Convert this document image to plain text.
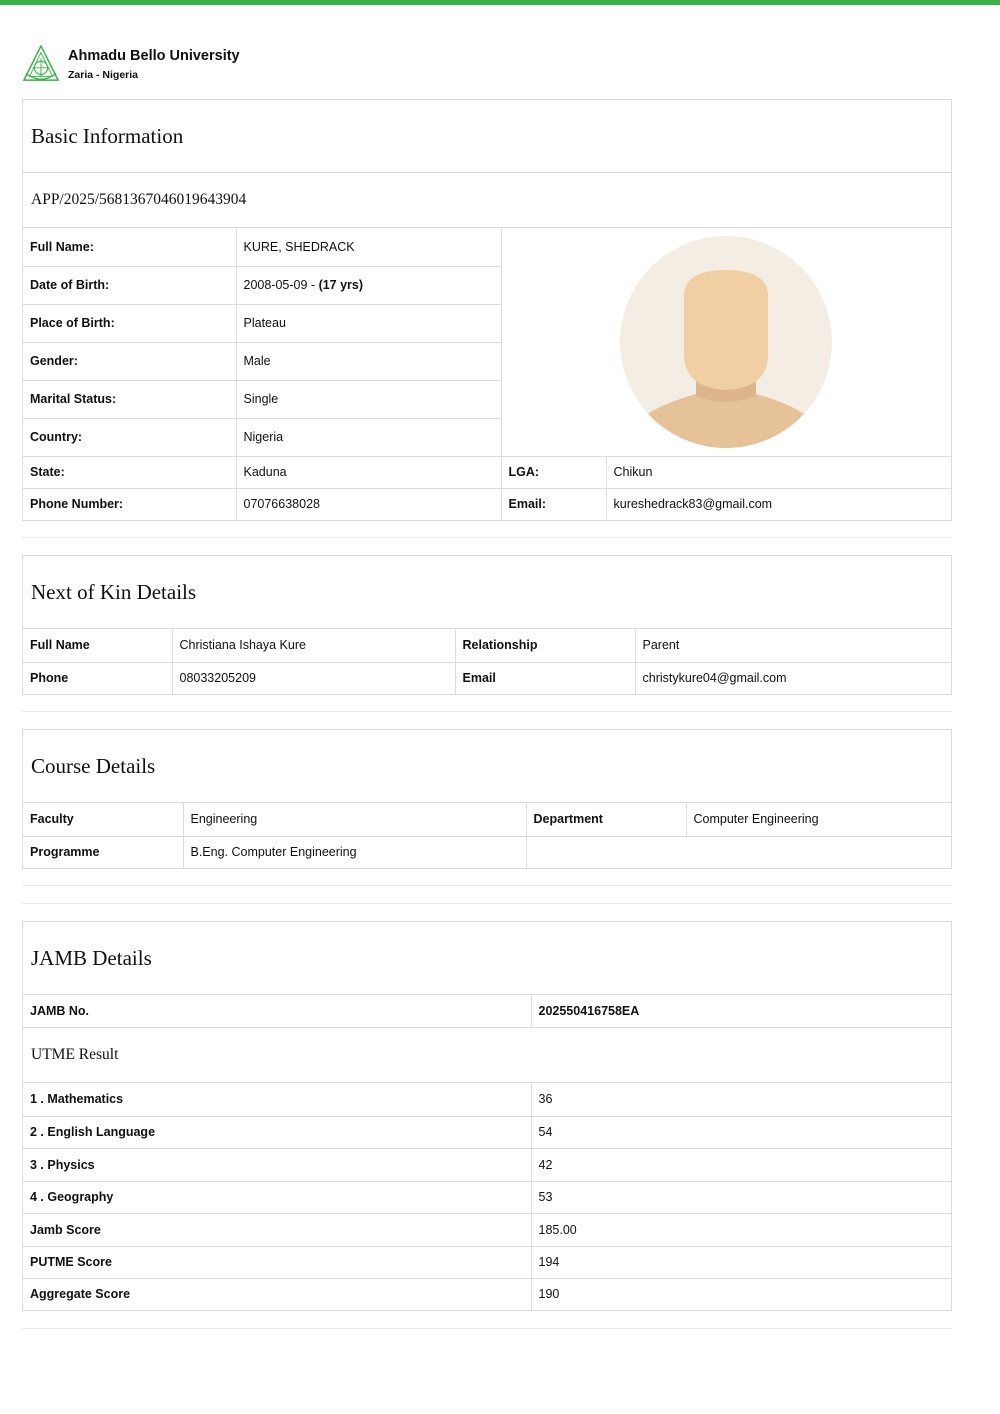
Ahmadu Bello University
Zaria - Nigeria
Basic Information
APP/2025/5681367046019643904
Full Name:	KURE, SHEDRACK	

Date of Birth:	2008-05-09 - (17 yrs)		
Place of Birth:	Plateau		
Gender:	Male		
Marital Status:	Single		
Country:	Nigeria		
State:	Kaduna	LGA:	Chikun
Phone Number:	07076638028	Email:	kureshedrack83@gmail.com
Next of Kin Details
Full Name	Christiana Ishaya Kure	Relationship	Parent
Phone	08033205209	Email	christykure04@gmail.com
Course Details
Faculty	Engineering	Department	Computer Engineering
Programme	B.Eng. Computer Engineering		
JAMB Details
JAMB No.	202550416758EA
UTME Result
1 . Mathematics	36
2 . English Language	54
3 . Physics	42
4 . Geography	53
Jamb Score	185.00
PUTME Score	194
Aggregate Score	190
